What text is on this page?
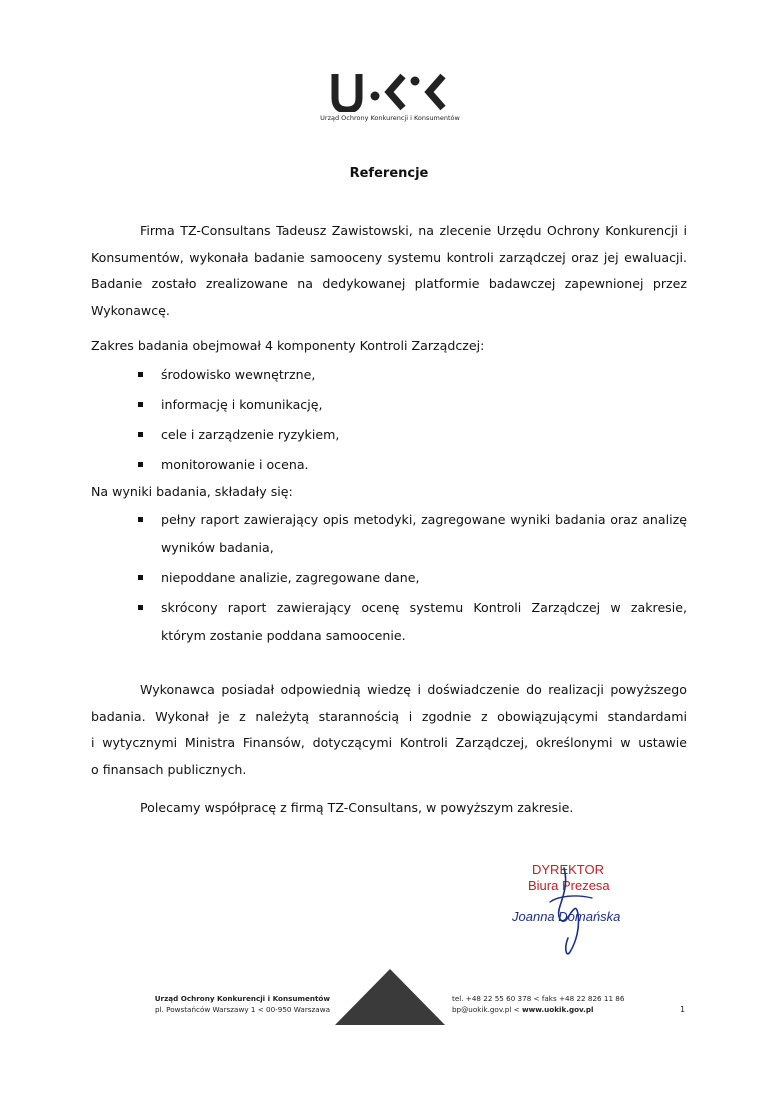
Urząd Ochrony Konkurencji i Konsumentów
Referencje
Firma TZ-Consultans Tadeusz Zawistowski, na zlecenie Urzędu Ochrony Konkurencji i
Konsumentów, wykonała badanie samooceny systemu kontroli zarządczej oraz jej ewaluacji.
Badanie zostało zrealizowane na dedykowanej platformie badawczej zapewnionej przez
Wykonawcę.
Zakres badania obejmował 4 komponenty Kontroli Zarządczej:
środowisko wewnętrzne,
informację i komunikację,
cele i zarządzenie ryzykiem,
monitorowanie i ocena.
Na wyniki badania, składały się:
pełny raport zawierający opis metodyki, zagregowane wyniki badania oraz analizę
wyników badania,
niepoddane analizie, zagregowane dane,
skrócony raport zawierający ocenę systemu Kontroli Zarządczej w zakresie,
którym zostanie poddana samoocenie.
Wykonawca posiadał odpowiednią wiedzę i doświadczenie do realizacji powyższego
badania. Wykonał je z należytą starannością i zgodnie z obowiązującymi standardami
i wytycznymi Ministra Finansów, dotyczącymi Kontroli Zarządczej, określonymi w ustawie
o finansach publicznych.
Polecamy współpracę z firmą TZ-Consultans, w powyższym zakresie.
DYREKTOR
Biura Prezesa
Joanna Domańska
Urząd Ochrony Konkurencji i Konsumentów
pl. Powstańców Warszawy 1 < 00-950 Warszawa
tel. +48 22 55 60 378 < faks +48 22 826 11 86
bp@uokik.gov.pl < www.uokik.gov.pl	1
